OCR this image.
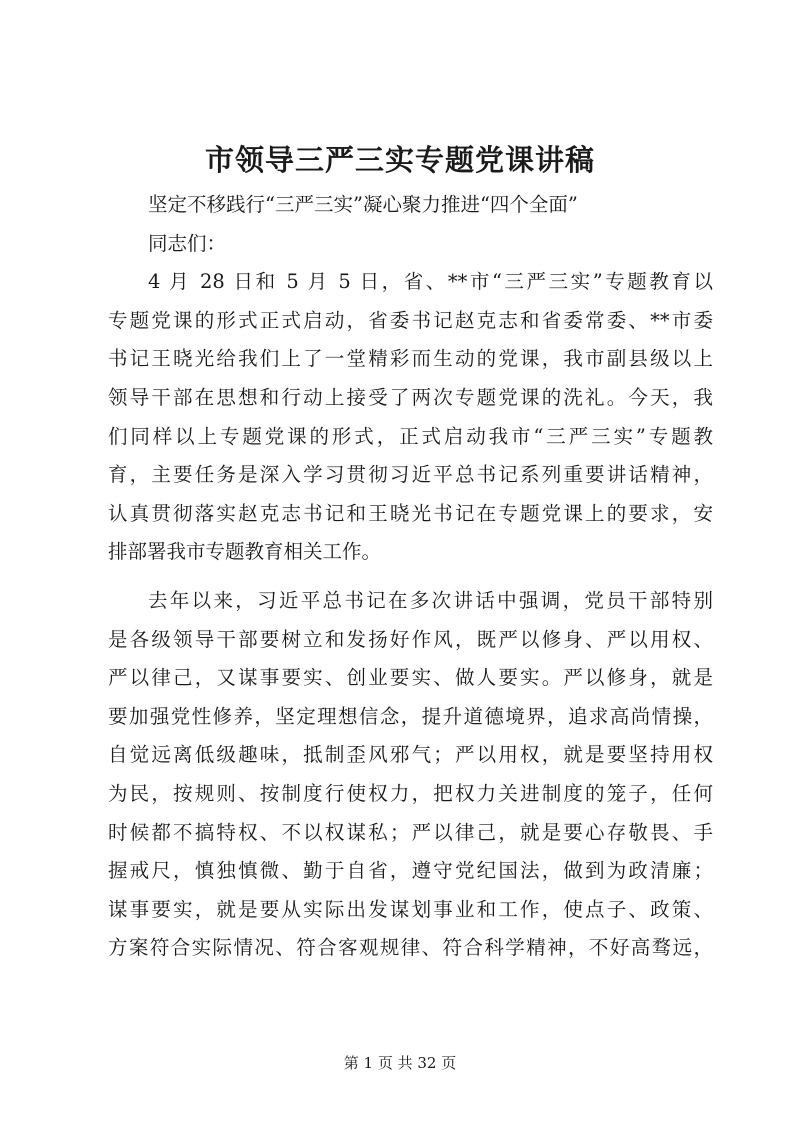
市领导三严三实专题党课讲稿
坚定不移践行“三严三实”凝心聚力推进“四个全面”
同志们：
4 月 28 日和 5 月 5 日，省、**市“三严三实”专题教育以
专题党课的形式正式启动，省委书记赵克志和省委常委、**市委
书记王晓光给我们上了一堂精彩而生动的党课，我市副县级以上
领导干部在思想和行动上接受了两次专题党课的洗礼。今天，我
们同样以上专题党课的形式，正式启动我市“三严三实”专题教
育，主要任务是深入学习贯彻习近平总书记系列重要讲话精神，
认真贯彻落实赵克志书记和王晓光书记在专题党课上的要求，安
排部署我市专题教育相关工作。
去年以来，习近平总书记在多次讲话中强调，党员干部特别
是各级领导干部要树立和发扬好作风，既严以修身、严以用权、
严以律己，又谋事要实、创业要实、做人要实。严以修身，就是
要加强党性修养，坚定理想信念，提升道德境界，追求高尚情操，
自觉远离低级趣味，抵制歪风邪气；严以用权，就是要坚持用权
为民，按规则、按制度行使权力，把权力关进制度的笼子，任何
时候都不搞特权、不以权谋私；严以律己，就是要心存敬畏、手
握戒尺，慎独慎微、勤于自省，遵守党纪国法，做到为政清廉；
谋事要实，就是要从实际出发谋划事业和工作，使点子、政策、
方案符合实际情况、符合客观规律、符合科学精神，不好高骛远，
第 1 页 共 32 页
